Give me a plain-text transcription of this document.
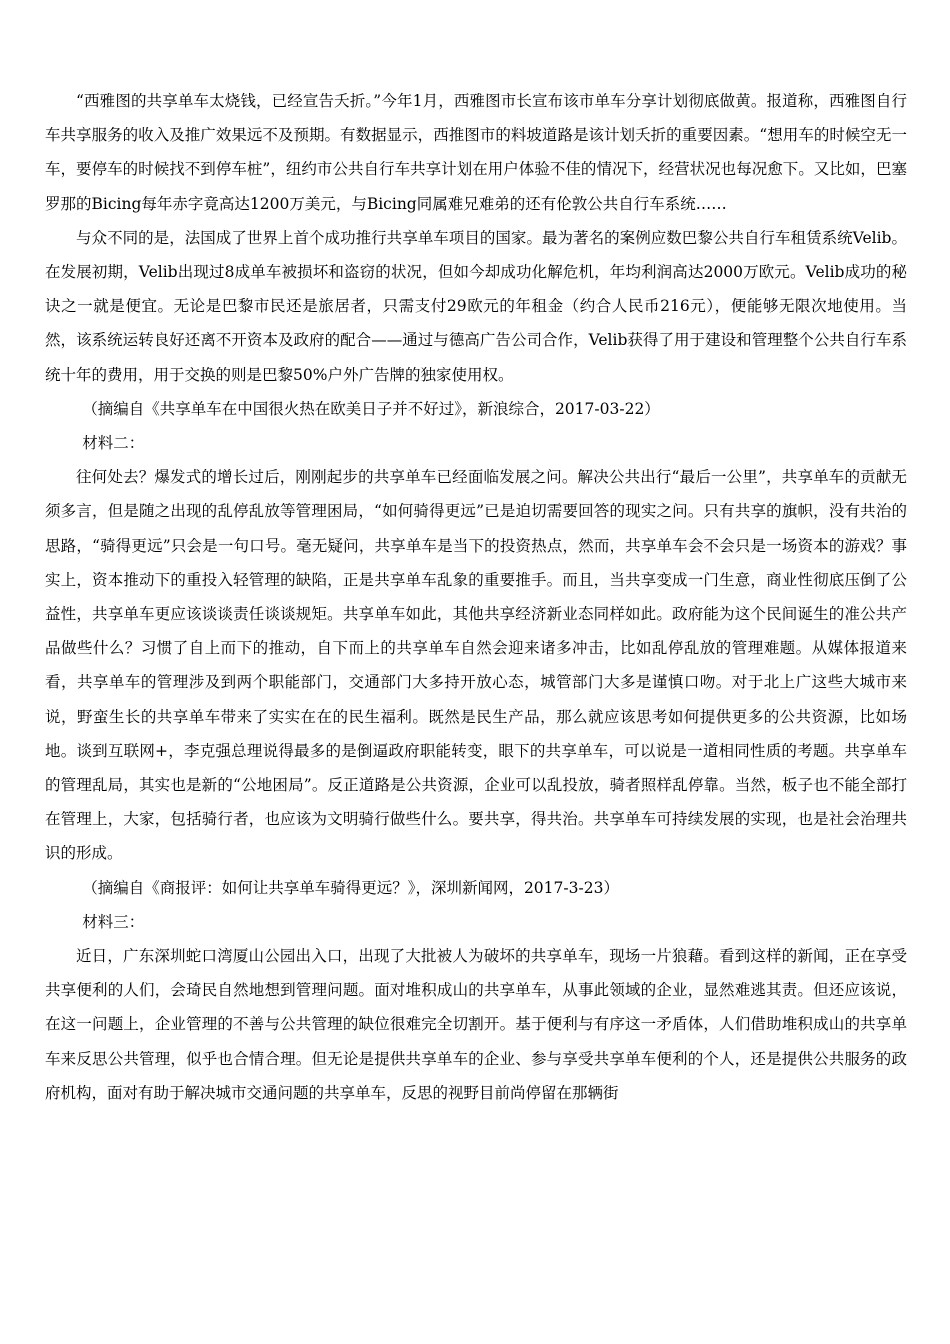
“西雅图的共享单车太烧钱，已经宣告夭折。”今年1月，西雅图市长宣布该市单车分享计划彻底做黄。报道称，西雅图自行车共享服务的收入及推广效果远不及预期。有数据显示，西推图市的料坡道路是该计划夭折的重要因素。“想用车的时候空无一车，要停车的时候找不到停车桩”，纽约市公共自行车共享计划在用户体验不佳的情况下，经营状况也每况愈下。又比如，巴塞罗那的Bicing每年赤字竟高达1200万美元，与Bicing同属难兄难弟的还有伦敦公共自行车系统……

与众不同的是，法国成了世界上首个成功推行共享单车项目的国家。最为著名的案例应数巴黎公共自行车租赁系统Velib。在发展初期，Velib出现过8成单车被损坏和盗窃的状况，但如今却成功化解危机，年均利润高达2000万欧元。Velib成功的秘诀之一就是便宜。无论是巴黎市民还是旅居者，只需支付29欧元的年租金（约合人民币216元），便能够无限次地使用。当然，该系统运转良好还离不开资本及政府的配合——通过与德高广告公司合作，Velib获得了用于建设和管理整个公共自行车系统十年的费用，用于交换的则是巴黎50%户外广告牌的独家使用权。

（摘编自《共享单车在中国很火热在欧美日子并不好过》，新浪综合，2017-03-22）

材料二：

往何处去？爆发式的增长过后，刚刚起步的共享单车已经面临发展之问。解决公共出行“最后一公里”，共享单车的贡献无须多言，但是随之出现的乱停乱放等管理困局，“如何骑得更远”已是迫切需要回答的现实之问。只有共享的旗帜，没有共治的思路，“骑得更远”只会是一句口号。毫无疑问，共享单车是当下的投资热点，然而，共享单车会不会只是一场资本的游戏？事实上，资本推动下的重投入轻管理的缺陷，正是共享单车乱象的重要推手。而且，当共享变成一门生意，商业性彻底压倒了公益性，共享单车更应该谈谈责任谈谈规矩。共享单车如此，其他共享经济新业态同样如此。政府能为这个民间诞生的准公共产品做些什么？习惯了自上而下的推动，自下而上的共享单车自然会迎来诸多冲击，比如乱停乱放的管理难题。从媒体报道来看，共享单车的管理涉及到两个职能部门，交通部门大多持开放心态，城管部门大多是谨慎口吻。对于北上广这些大城市来说，野蛮生长的共享单车带来了实实在在的民生福利。既然是民生产品，那么就应该思考如何提供更多的公共资源，比如场地。谈到互联网+，李克强总理说得最多的是倒逼政府职能转变，眼下的共享单车，可以说是一道相同性质的考题。共享单车的管理乱局，其实也是新的“公地困局”。反正道路是公共资源，企业可以乱投放，骑者照样乱停靠。当然，板子也不能全部打在管理上，大家，包括骑行者，也应该为文明骑行做些什么。要共享，得共治。共享单车可持续发展的实现，也是社会治理共识的形成。

（摘编自《商报评：如何让共享单车骑得更远？》，深圳新闻网，2017-3-23）

材料三：

近日，广东深圳蛇口湾厦山公园出入口，出现了大批被人为破坏的共享单车，现场一片狼藉。看到这样的新闻，正在享受共享便利的人们，会琦民自然地想到管理问题。面对堆积成山的共享单车，从事此领域的企业，显然难逃其责。但还应该说，在这一问题上，企业管理的不善与公共管理的缺位很难完全切割开。基于便利与有序这一矛盾体，人们借助堆积成山的共享单车来反思公共管理，似乎也合情合理。但无论是提供共享单车的企业、参与享受共享单车便利的个人，还是提供公共服务的政府机构，面对有助于解决城市交通问题的共享单车，反思的视野目前尚停留在那辆街
